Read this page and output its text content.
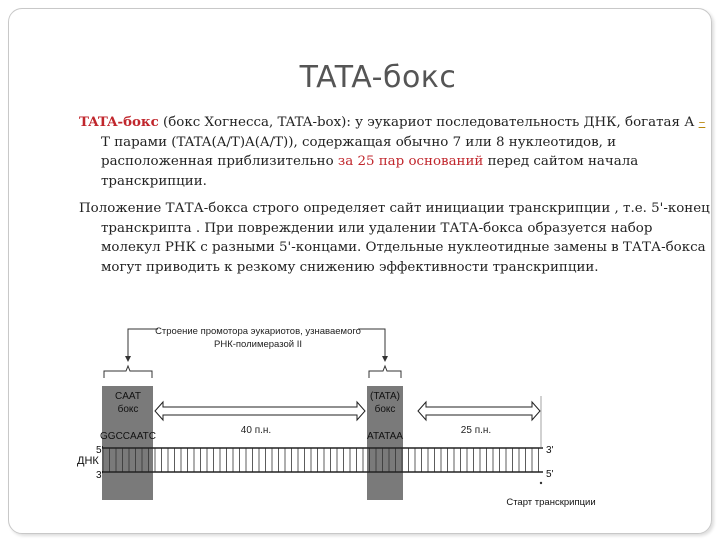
TATA-бокс
TATA-бокс (бокс Хогнесса, TATA-box): у эукариот последовательность ДНК, богатая А – Т парами (TATA(A/T)A(A/T)), содержащая обычно 7 или 8 нуклеотидов, и расположенная приблизительно за 25 пар оснований перед сайтом начала транскрипции.
Положение ТАТА-бокса строго определяет сайт инициации транскрипции , т.е. 5'-конец транскрипта . При повреждении или удалении ТАТА-бокса образуется набор молекул РНК с разными 5'-концами. Отдельные нуклеотидные замены в ТАТА-бокса могут приводить к резкому снижению эффективности транскрипции.
Строение промотора эукариотов, узнаваемого
РНК-полимеразой II
40 п.н.	25 п.н.
CAAT
бокс
GGCCAATC
(TATA)
бокс
ATATAA
ДНК
5'
3'
3'
5'
Старт транскрипции
